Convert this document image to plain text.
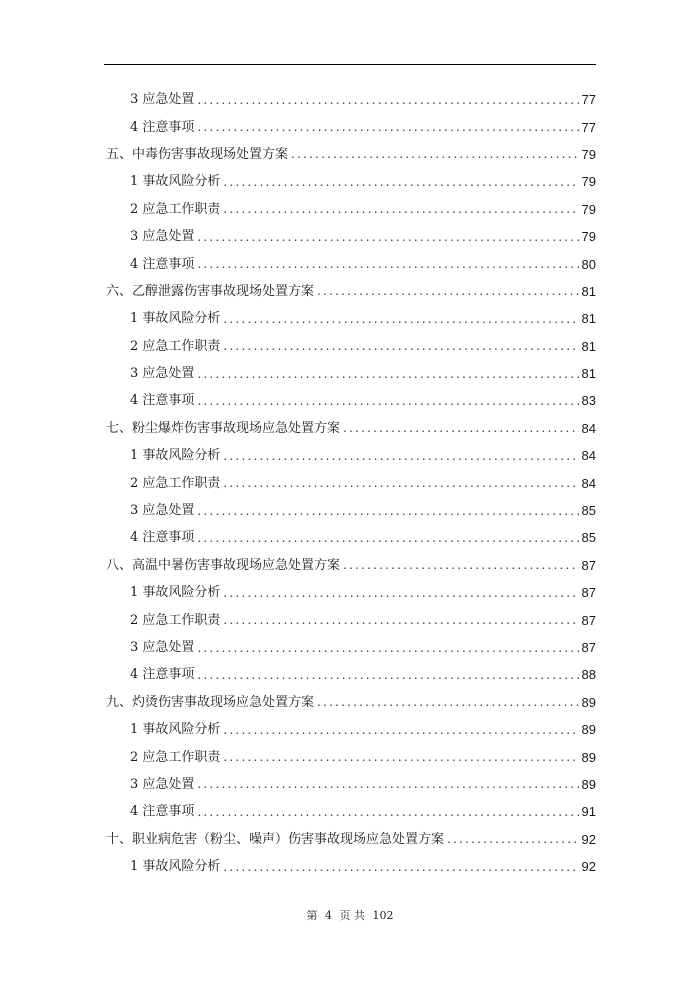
3 应急处置 .....	77
4 注意事项 .....	77
五、中毒伤害事故现场处置方案 .....	79
1 事故风险分析 .....	79
2 应急工作职责 .....	79
3 应急处置 .....	79
4 注意事项 .....	80
六、乙醇泄露伤害事故现场处置方案 .....	81
1 事故风险分析 .....	81
2 应急工作职责 .....	81
3 应急处置 .....	81
4 注意事项 .....	83
七、粉尘爆炸伤害事故现场应急处置方案 .....	84
1 事故风险分析 .....	84
2 应急工作职责 .....	84
3 应急处置 .....	85
4 注意事项 .....	85
八、高温中暑伤害事故现场应急处置方案 .....	87
1 事故风险分析 .....	87
2 应急工作职责 .....	87
3 应急处置 .....	87
4 注意事项 .....	88
九、灼烫伤害事故现场应急处置方案 .....	89
1 事故风险分析 .....	89
2 应急工作职责 .....	89
3 应急处置 .....	89
4 注意事项 .....	91
十、职业病危害（粉尘、噪声）伤害事故现场应急处置方案 .....	92
1 事故风险分析 .....	92
第 4 页 共 102
